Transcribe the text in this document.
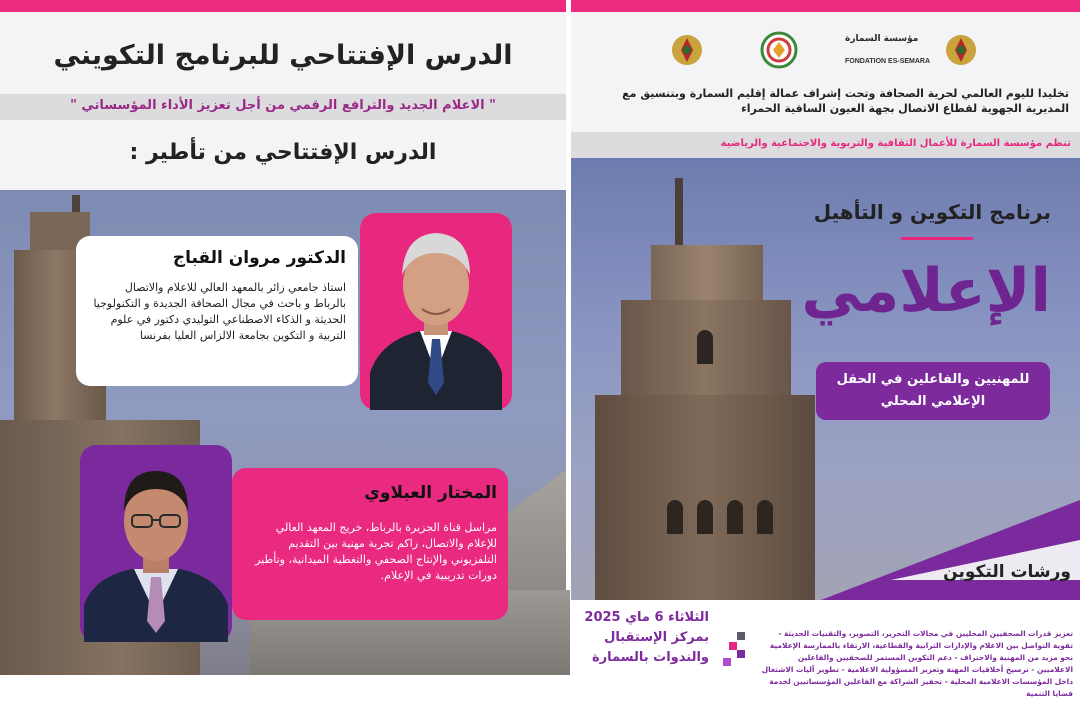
الدرس الإفتتاحي للبرنامج التكويني
" الاعلام الجديد والترافع الرقمي من أجل تعزيز الأداء المؤسساتي "
الدرس الإفتتاحي من تأطير :
الدكتور مروان القباج
استاذ جامعي زائر بالمعهد العالي للاعلام والاتصال بالرباط و باحث في مجال الصحافة الجديدة و التكنولوجيا الحديثة و الذكاء الاصطناعي التوليدي دكتور في علوم التربية و التكوين بجامعة الالزاس العليا بفرنسا
المختار العبلاوي
مراسل قناة الجزيرة بالرباط، خريج المعهد العالي للإعلام والاتصال، راكم تجربة مهنية بين التقديم التلفزيوني والإنتاج الصحفي والتغطية الميدانية، وتأطير دورات تدريبية في الإعلام.
مؤسسة السمارة
FONDATION ES-SEMARA
تخليدا لليوم العالمي لحرية الصحافة وتحت إشراف عمالة إقليم السمارة وبتنسيق مع المديرية الجهوية لقطاع الاتصال بجهة العيون الساقية الحمراء
تنظم مؤسسة السمارة للأعمال الثقافية والتربوية والاجتماعية والرياضية
برنامج التكوين و التأهيل
الإعلامي
للمهنيين والفاعلين في الحقل الإعلامي المحلي
ورشات التكوين
الثلاثاء 6 ماي 2025 بمركز الإستقبال والندوات بالسمارة
تعزيز قدرات الصحفيين المحليين في مجالات التحرير، التصوير، والتقنيات الحديثة - تقوية التواصل بين الاعلام والإدارات الترابية والقطاعية، الارتقاء بالممارسة الإعلامية نحو مزيد من المهنية والاحتراف - دعم التكوين المستمر للصحفيين والفاعلين الاعلاميين - ترسيخ أخلاقيات المهنة وتعزيز المسؤولية الاعلامية - تطوير آليات الاشتغال داخل المؤسسات الاعلامية المحلية - تحفيز الشراكة مع الفاعلين المؤسساتيين لخدمة قضايا التنمية
